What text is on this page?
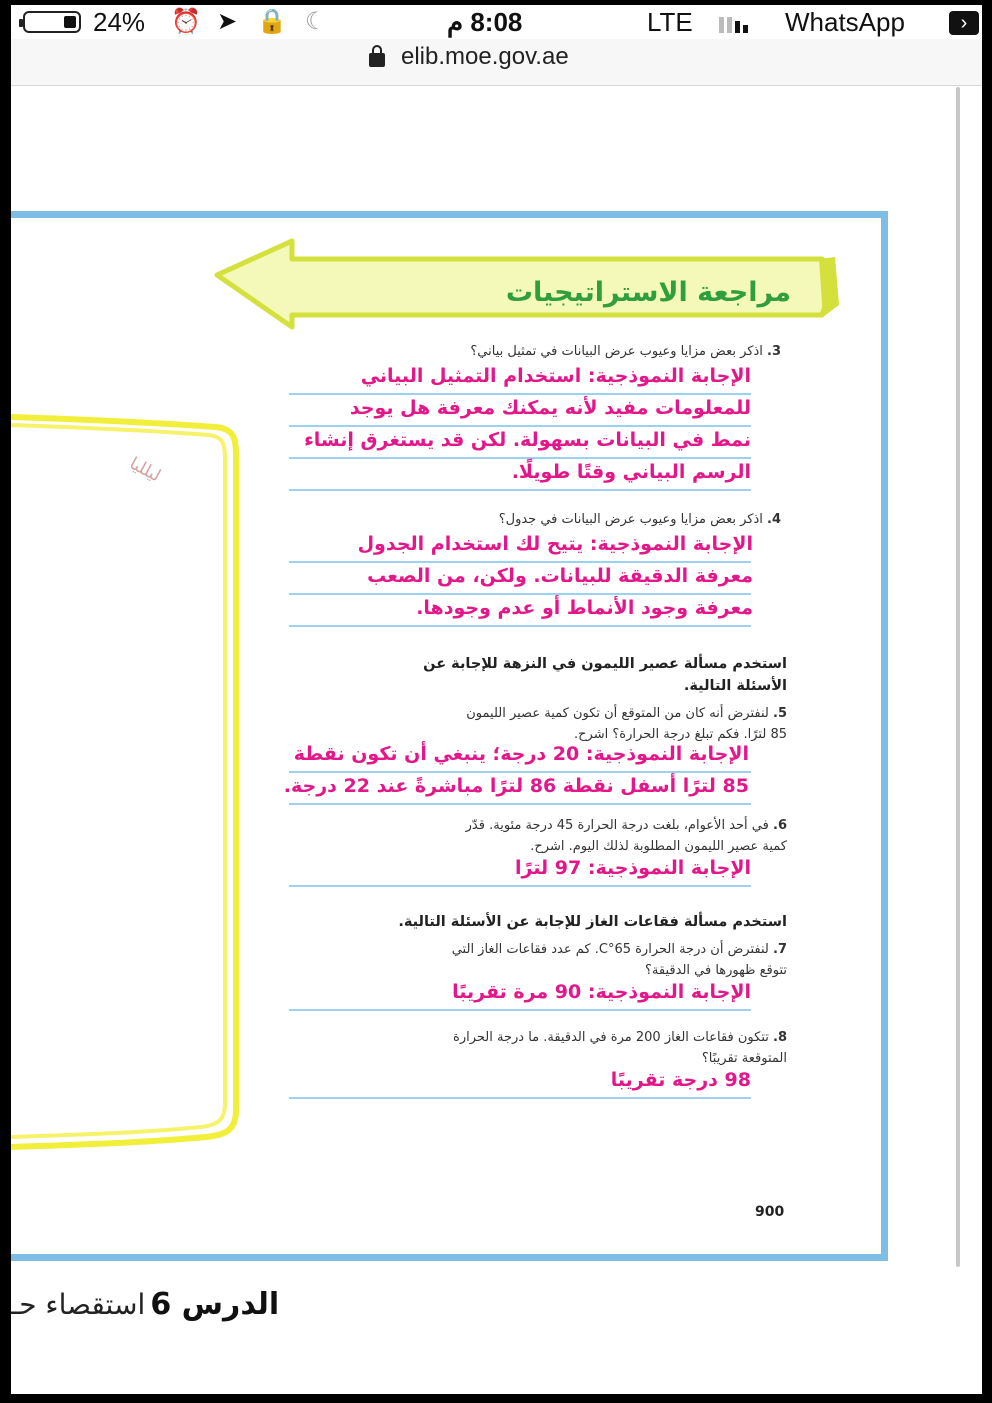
24% ⏰ ➤ 🔒 ☾	8:08 م	LTE	WhatsApp	›
elib.moe.gov.ae
مراجعة الاستراتيجيات
ليلليا
3. اذكر بعض مزايا وعيوب عرض البيانات في تمثيل بياني؟
الإجابة النموذجية: استخدام التمثيل البياني
للمعلومات مفيد لأنه يمكنك معرفة هل يوجد
نمط في البيانات بسهولة. لكن قد يستغرق إنشاء
الرسم البياني وقتًا طويلًا.
4. اذكر بعض مزايا وعيوب عرض البيانات في جدول؟
الإجابة النموذجية: يتيح لك استخدام الجدول
معرفة الدقيقة للبيانات. ولكن، من الصعب
معرفة وجود الأنماط أو عدم وجودها.
استخدم مسألة عصير الليمون في النزهة للإجابة عن
الأسئلة التالية.
5. لنفترض أنه كان من المتوقع أن تكون كمية عصير الليمون
85 لترًا. فكم تبلغ درجة الحرارة؟ اشرح.
الإجابة النموذجية: 20 درجة؛ ينبغي أن تكون نقطة
85 لترًا أسفل نقطة 86 لترًا مباشرةً عند 22 درجة.
6. في أحد الأعوام، بلغت درجة الحرارة 45 درجة مئوية. قدّر
كمية عصير الليمون المطلوبة لذلك اليوم. اشرح.
الإجابة النموذجية: 97 لترًا
استخدم مسألة فقاعات الغاز للإجابة عن الأسئلة التالية.
7. لنفترض أن درجة الحرارة 65°C. كم عدد فقاعات الغاز التي
تتوقع ظهورها في الدقيقة؟
الإجابة النموذجية: 90 مرة تقريبًا
8. تتكون فقاعات الغاز 200 مرة في الدقيقة. ما درجة الحرارة
المتوقعة تقريبًا؟
98 درجة تقريبًا
900
الدرس 6 استقصاء حـ
